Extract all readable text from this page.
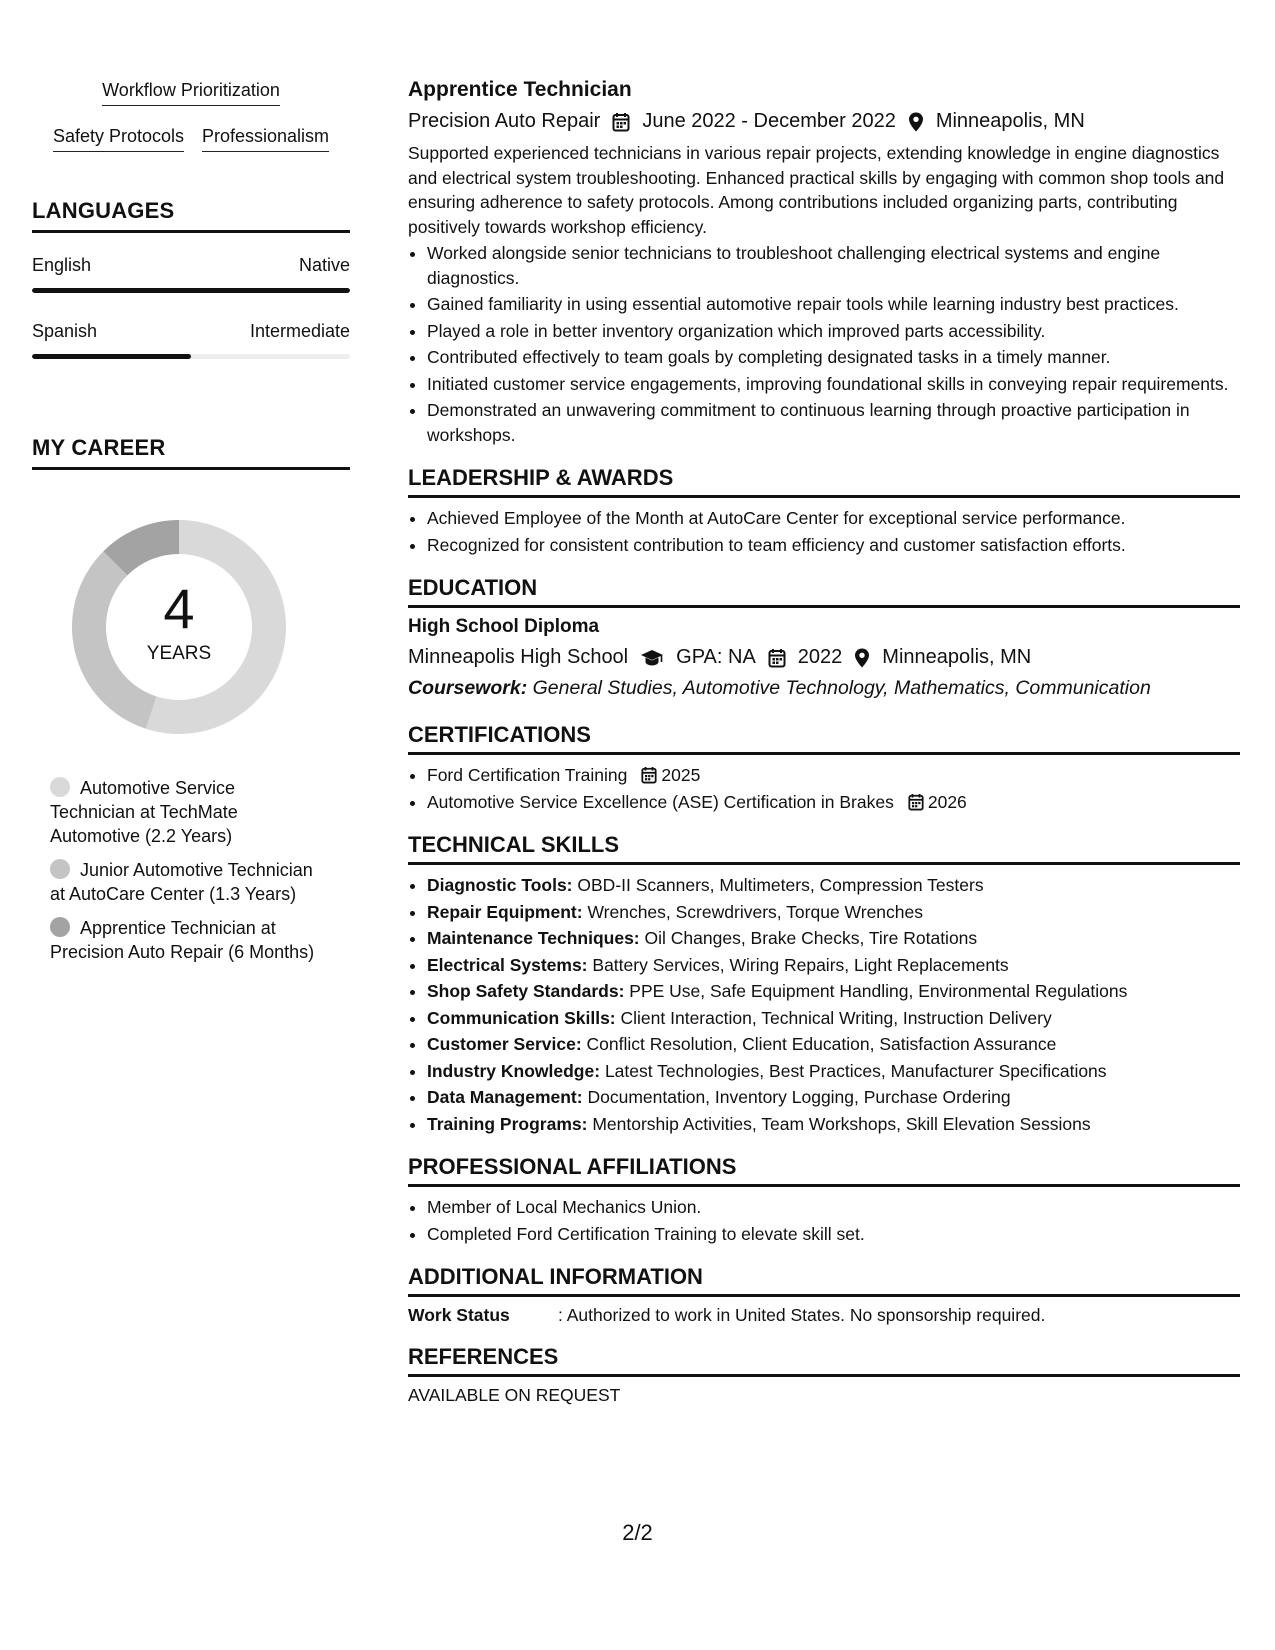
Workflow Prioritization
Safety Protocols Professionalism
LANGUAGES
English	Native
Spanish	Intermediate
MY CAREER
4
YEARS
Automotive Service Technician at TechMate Automotive (2.2 Years)
Junior Automotive Technician at AutoCare Center (1.3 Years)
Apprentice Technician at Precision Auto Repair (6 Months)
Apprentice Technician
Precision Auto Repair June 2022 - December 2022 Minneapolis, MN
Supported experienced technicians in various repair projects, extending knowledge in engine diagnostics and electrical system troubleshooting. Enhanced practical skills by engaging with common shop tools and ensuring adherence to safety protocols. Among contributions included organizing parts, contributing positively towards workshop efficiency.
• Worked alongside senior technicians to troubleshoot challenging electrical systems and engine diagnostics.
• Gained familiarity in using essential automotive repair tools while learning industry best practices.
• Played a role in better inventory organization which improved parts accessibility.
• Contributed effectively to team goals by completing designated tasks in a timely manner.
• Initiated customer service engagements, improving foundational skills in conveying repair requirements.
• Demonstrated an unwavering commitment to continuous learning through proactive participation in workshops.
LEADERSHIP & AWARDS
• Achieved Employee of the Month at AutoCare Center for exceptional service performance.
• Recognized for consistent contribution to team efficiency and customer satisfaction efforts.
EDUCATION
High School Diploma
Minneapolis High School GPA: NA 2022 Minneapolis, MN
Coursework: General Studies, Automotive Technology, Mathematics, Communication
CERTIFICATIONS
• Ford Certification Training 2025
• Automotive Service Excellence (ASE) Certification in Brakes 2026
TECHNICAL SKILLS
• Diagnostic Tools: OBD-II Scanners, Multimeters, Compression Testers
• Repair Equipment: Wrenches, Screwdrivers, Torque Wrenches
• Maintenance Techniques: Oil Changes, Brake Checks, Tire Rotations
• Electrical Systems: Battery Services, Wiring Repairs, Light Replacements
• Shop Safety Standards: PPE Use, Safe Equipment Handling, Environmental Regulations
• Communication Skills: Client Interaction, Technical Writing, Instruction Delivery
• Customer Service: Conflict Resolution, Client Education, Satisfaction Assurance
• Industry Knowledge: Latest Technologies, Best Practices, Manufacturer Specifications
• Data Management: Documentation, Inventory Logging, Purchase Ordering
• Training Programs: Mentorship Activities, Team Workshops, Skill Elevation Sessions
PROFESSIONAL AFFILIATIONS
• Member of Local Mechanics Union.
• Completed Ford Certification Training to elevate skill set.
ADDITIONAL INFORMATION
Work Status	: Authorized to work in United States. No sponsorship required.
REFERENCES
AVAILABLE ON REQUEST
2/2
